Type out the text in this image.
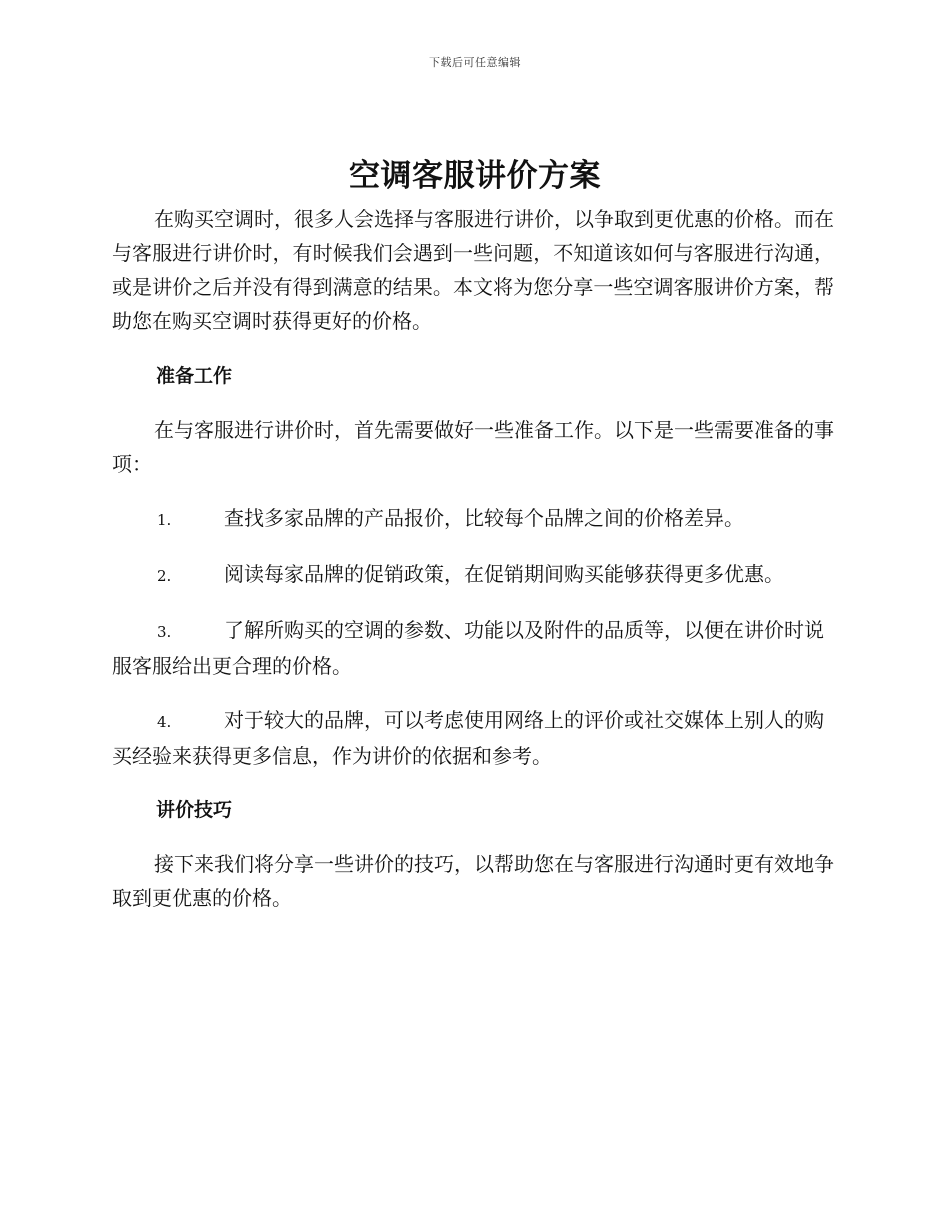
下载后可任意编辑
空调客服讲价方案

在购买空调时，很多人会选择与客服进行讲价，以争取到更优惠的价格。而在与客服进行讲价时，有时候我们会遇到一些问题，不知道该如何与客服进行沟通，或是讲价之后并没有得到满意的结果。本文将为您分享一些空调客服讲价方案，帮助您在购买空调时获得更好的价格。

准备工作

在与客服进行讲价时，首先需要做好一些准备工作。以下是一些需要准备的事项：

1.	查找多家品牌的产品报价，比较每个品牌之间的价格差异。

2.	阅读每家品牌的促销政策，在促销期间购买能够获得更多优惠。

3.	了解所购买的空调的参数、功能以及附件的品质等，以便在讲价时说服客服给出更合理的价格。

4.	对于较大的品牌，可以考虑使用网络上的评价或社交媒体上别人的购买经验来获得更多信息，作为讲价的依据和参考。

讲价技巧

接下来我们将分享一些讲价的技巧，以帮助您在与客服进行沟通时更有效地争取到更优惠的价格。
